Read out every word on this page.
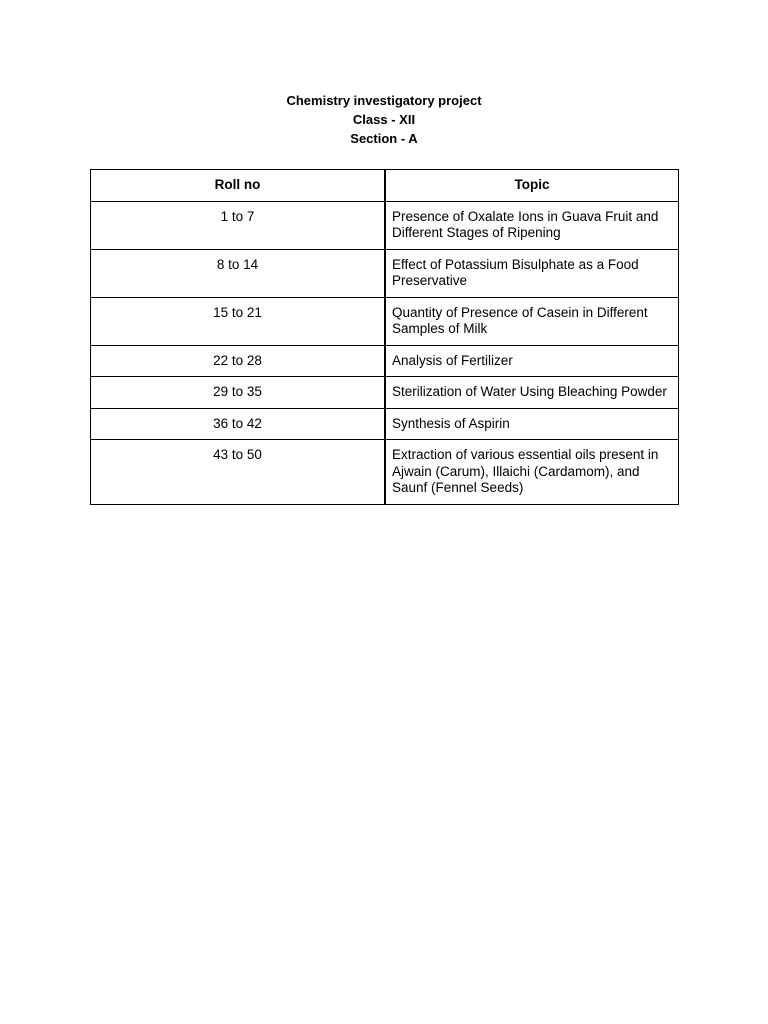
Chemistry investigatory project
Class - XII
Section - A
Roll no	Topic
1 to 7	Presence of Oxalate Ions in Guava Fruit and Different Stages of Ripening
8 to 14	Effect of Potassium Bisulphate as a Food Preservative
15 to 21	Quantity of Presence of Casein in Different Samples of Milk
22 to 28	Analysis of Fertilizer
29 to 35	Sterilization of Water Using Bleaching Powder
36 to 42	Synthesis of Aspirin
43 to 50	Extraction of various essential oils present in Ajwain (Carum), Illaichi (Cardamom), and Saunf (Fennel Seeds)
